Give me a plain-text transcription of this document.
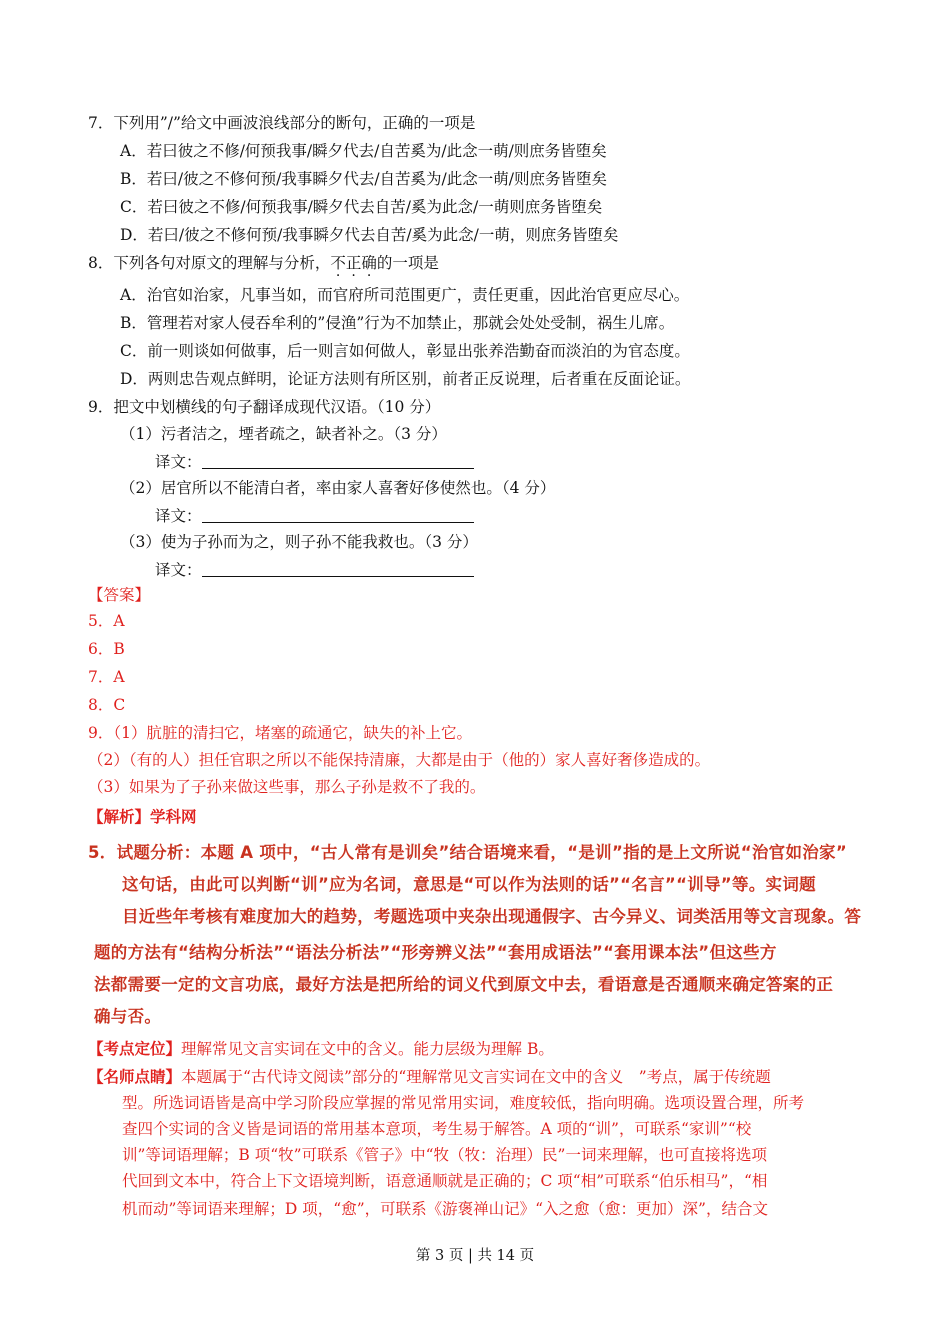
7．下列用”/”给文中画波浪线部分的断句，正确的一项是
A．若曰彼之不修/何预我事/瞬夕代去/自苦奚为/此念一萌/则庶务皆堕矣
B．若曰/彼之不修何预/我事瞬夕代去/自苦奚为/此念一萌/则庶务皆堕矣
C．若曰彼之不修/何预我事/瞬夕代去自苦/奚为此念/一萌则庶务皆堕矣
D．若曰/彼之不修何预/我事瞬夕代去自苦/奚为此念/一萌，则庶务皆堕矣
8．下列各句对原文的理解与分析，不正确的一项是
A．治官如治家，凡事当如，而官府所司范围更广，责任更重，因此治官更应尽心。
B．管理若对家人侵吞牟利的”侵渔”行为不加禁止，那就会处处受制，祸生儿席。
C．前一则谈如何做事，后一则言如何做人，彰显出张养浩勤奋而淡泊的为官态度。
D．两则忠告观点鲜明，论证方法则有所区别，前者正反说理，后者重在反面论证。
9．把文中划横线的句子翻译成现代汉语。（10 分）
（1）污者洁之，堙者疏之，缺者补之。（3 分）
译文：
（2）居官所以不能清白者，率由家人喜奢好侈使然也。（4 分）
译文：
（3）使为子孙而为之，则子孙不能我救也。（3 分）
译文：
【答案】
5．A
6．B
7．A
8．C
9．（1）肮脏的清扫它，堵塞的疏通它，缺失的补上它。
（2）（有的人）担任官职之所以不能保持清廉，大都是由于（他的）家人喜好奢侈造成的。
（3）如果为了子孙来做这些事，那么子孙是救不了我的。
【解析】学科网
5．试题分析：本题 A 项中，“古人常有是训矣”结合语境来看，“是训”指的是上文所说“治官如治家”
这句话，由此可以判断“训”应为名词，意思是“可以作为法则的话”“名言”“训导”等。实词题
目近些年考核有难度加大的趋势，考题选项中夹杂出现通假字、古今异义、词类活用等文言现象。答
题的方法有“结构分析法”“语法分析法”“形旁辨义法”“套用成语法”“套用课本法”但这些方
法都需要一定的文言功底，最好方法是把所给的词义代到原文中去，看语意是否通顺来确定答案的正
确与否。
【考点定位】理解常见文言实词在文中的含义。能力层级为理解 B。
【名师点睛】本题属于“古代诗文阅读”部分的“理解常见文言实词在文中的含义　”考点，属于传统题
型。所选词语皆是高中学习阶段应掌握的常见常用实词，难度较低，指向明确。选项设置合理，所考
查四个实词的含义皆是词语的常用基本意项，考生易于解答。A 项的“训”，可联系“家训”“校
训”等词语理解；B 项“牧”可联系《管子》中“牧（牧：治理）民”一词来理解，也可直接将选项
代回到文本中，符合上下文语境判断，语意通顺就是正确的；C 项“相”可联系“伯乐相马”，“相
机而动”等词语来理解；D 项，“愈”，可联系《游褒禅山记》“入之愈（愈：更加）深”，结合文
第 3 页 | 共 14 页
